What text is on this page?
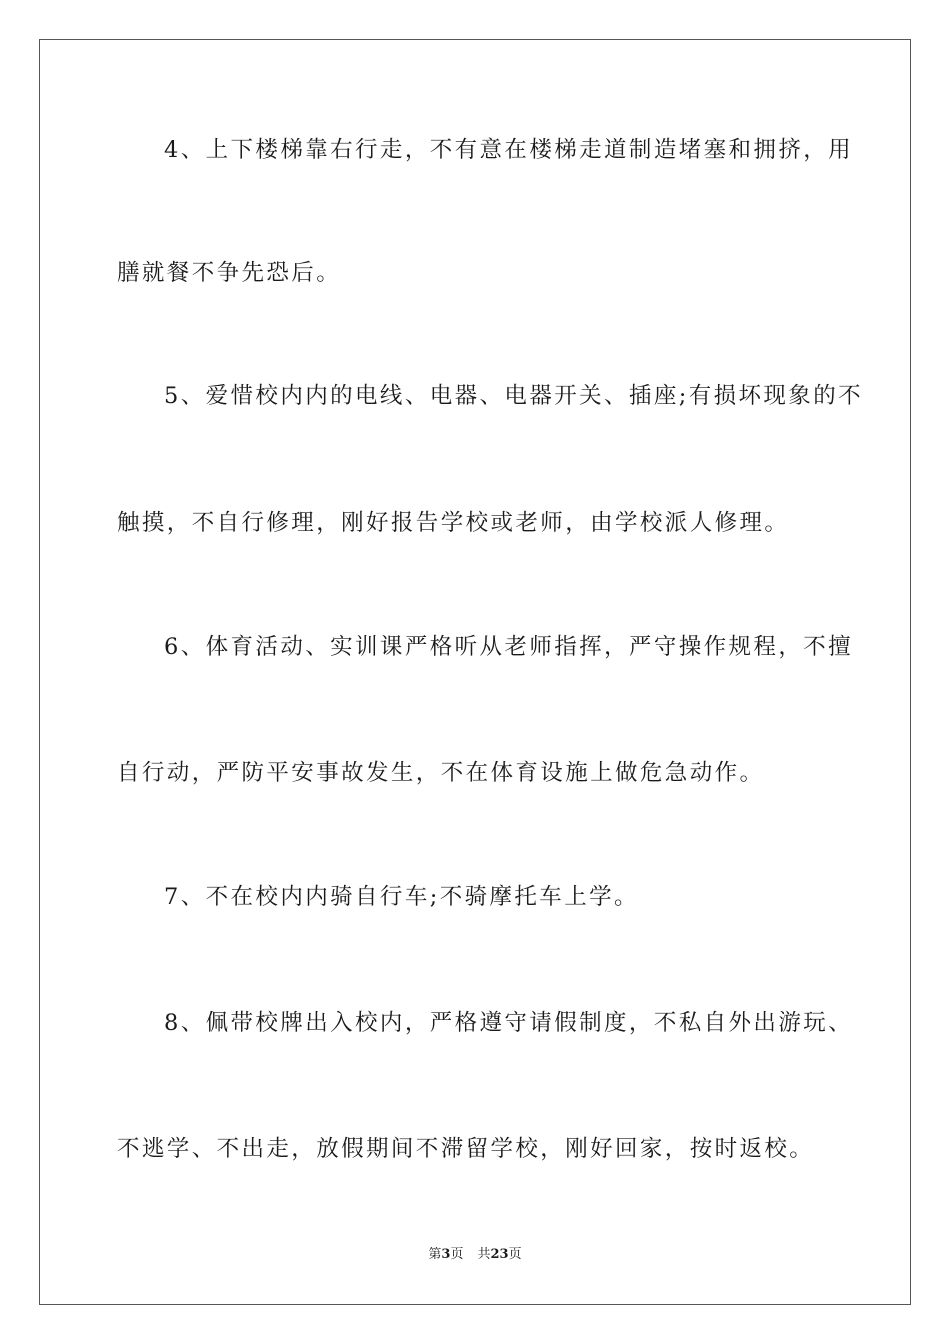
4、上下楼梯靠右行走，不有意在楼梯走道制造堵塞和拥挤，用
膳就餐不争先恐后。
5、爱惜校内内的电线、电器、电器开关、插座;有损坏现象的不
触摸，不自行修理，刚好报告学校或老师，由学校派人修理。
6、体育活动、实训课严格听从老师指挥，严守操作规程，不擅
自行动，严防平安事故发生，不在体育设施上做危急动作。
7、不在校内内骑自行车;不骑摩托车上学。
8、佩带校牌出入校内，严格遵守请假制度，不私自外出游玩、
不逃学、不出走，放假期间不滞留学校，刚好回家，按时返校。
第3页 共23页
